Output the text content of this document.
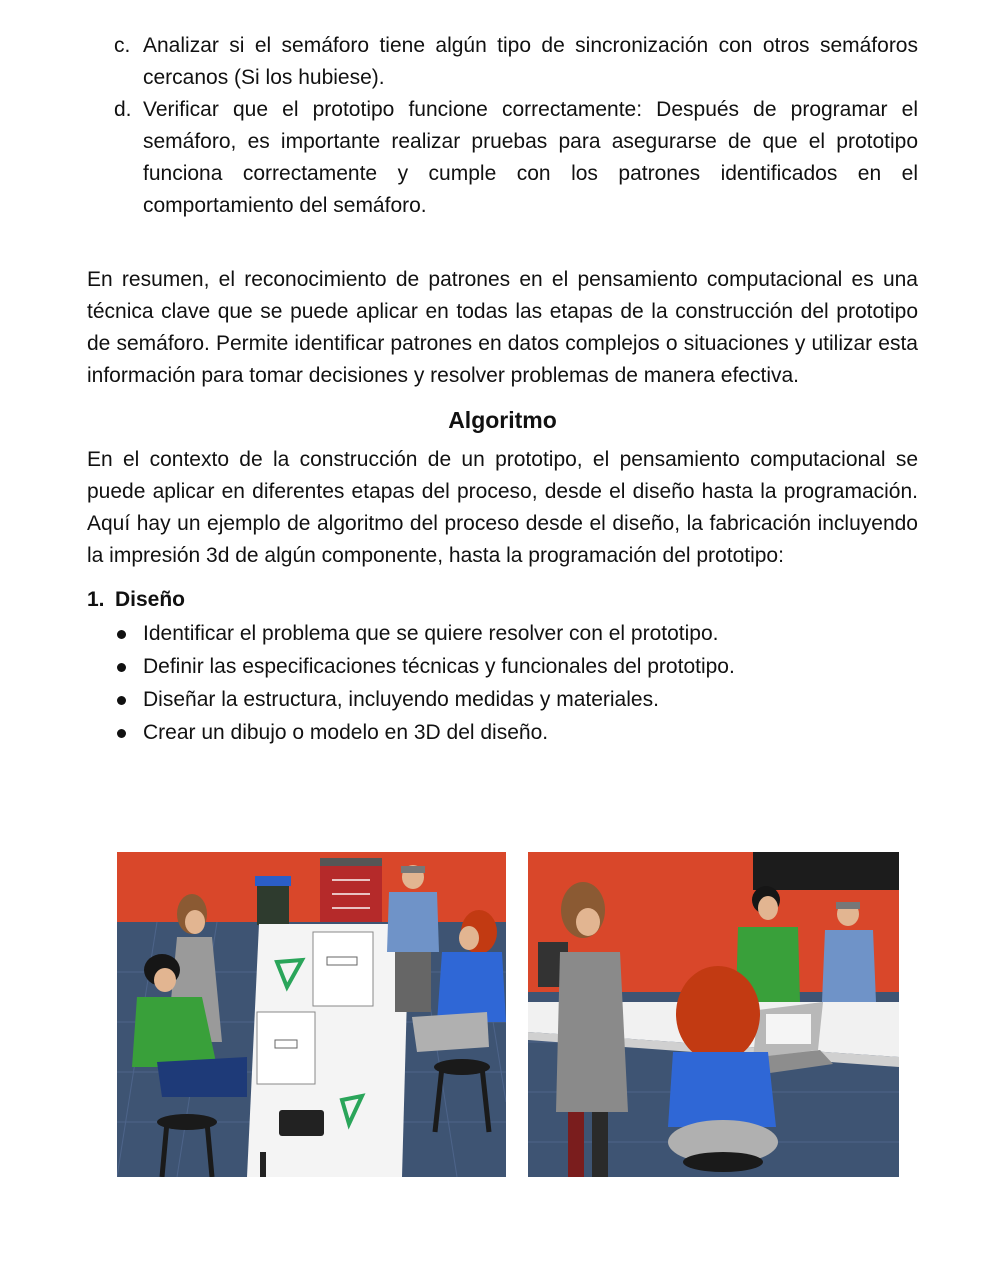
c. Analizar si el semáforo tiene algún tipo de sincronización con otros semáforos cercanos (Si los hubiese).
d. Verificar que el prototipo funcione correctamente: Después de programar el semáforo, es importante realizar pruebas para asegurarse de que el prototipo funciona correctamente y cumple con los patrones identificados en el comportamiento del semáforo.

En resumen, el reconocimiento de patrones en el pensamiento computacional es una técnica clave que se puede aplicar en todas las etapas de la construcción del prototipo de semáforo. Permite identificar patrones en datos complejos o situaciones y utilizar esta información para tomar decisiones y resolver problemas de manera efectiva.

Algoritmo

En el contexto de la construcción de un prototipo, el pensamiento computacional se puede aplicar en diferentes etapas del proceso, desde el diseño hasta la programación. Aquí hay un ejemplo de algoritmo del proceso desde el diseño, la fabricación incluyendo la impresión 3d de algún componente, hasta la programación del prototipo:

1. Diseño
Identificar el problema que se quiere resolver con el prototipo.
Definir las especificaciones técnicas y funcionales del prototipo.
Diseñar la estructura, incluyendo medidas y materiales.
Crear un dibujo o modelo en 3D del diseño.
